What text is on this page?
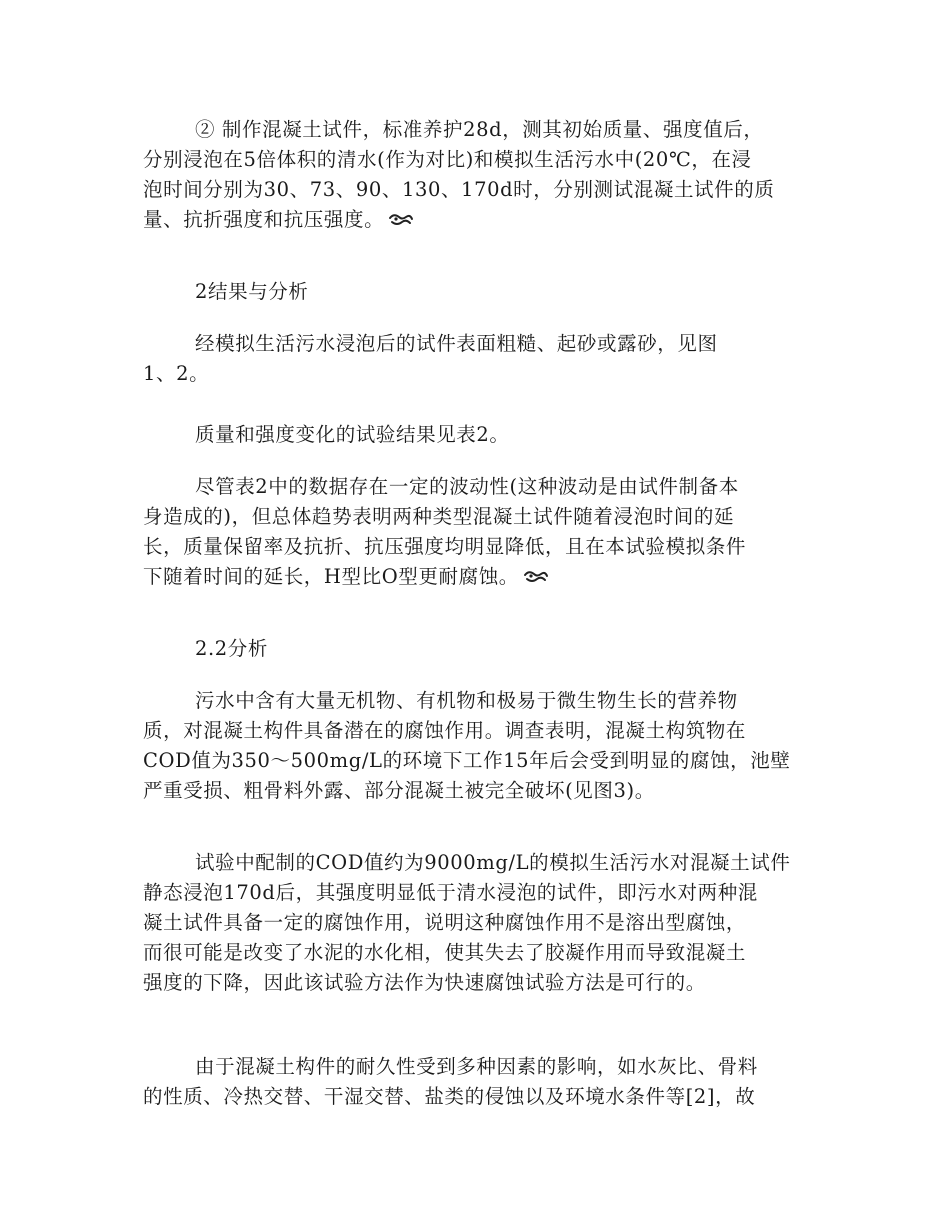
② 制作混凝土试件，标准养护28d，测其初始质量、强度值后，
分别浸泡在5倍体积的清水(作为对比)和模拟生活污水中(20℃，在浸
泡时间分别为30、73、90、130、170d时，分别测试混凝土试件的质
量、抗折强度和抗压强度。
2结果与分析
经模拟生活污水浸泡后的试件表面粗糙、起砂或露砂，见图
1、2。
质量和强度变化的试验结果见表2。
尽管表2中的数据存在一定的波动性(这种波动是由试件制备本
身造成的)，但总体趋势表明两种类型混凝土试件随着浸泡时间的延
长，质量保留率及抗折、抗压强度均明显降低，且在本试验模拟条件
下随着时间的延长，H型比O型更耐腐蚀。
2.2分析
污水中含有大量无机物、有机物和极易于微生物生长的营养物
质，对混凝土构件具备潜在的腐蚀作用。调查表明，混凝土构筑物在
COD值为350～500mg/L的环境下工作15年后会受到明显的腐蚀，池壁
严重受损、粗骨料外露、部分混凝土被完全破坏(见图3)。
试验中配制的COD值约为9000mg/L的模拟生活污水对混凝土试件
静态浸泡170d后，其强度明显低于清水浸泡的试件，即污水对两种混
凝土试件具备一定的腐蚀作用，说明这种腐蚀作用不是溶出型腐蚀，
而很可能是改变了水泥的水化相，使其失去了胶凝作用而导致混凝土
强度的下降，因此该试验方法作为快速腐蚀试验方法是可行的。
由于混凝土构件的耐久性受到多种因素的影响，如水灰比、骨料
的性质、冷热交替、干湿交替、盐类的侵蚀以及环境水条件等[2]，故
